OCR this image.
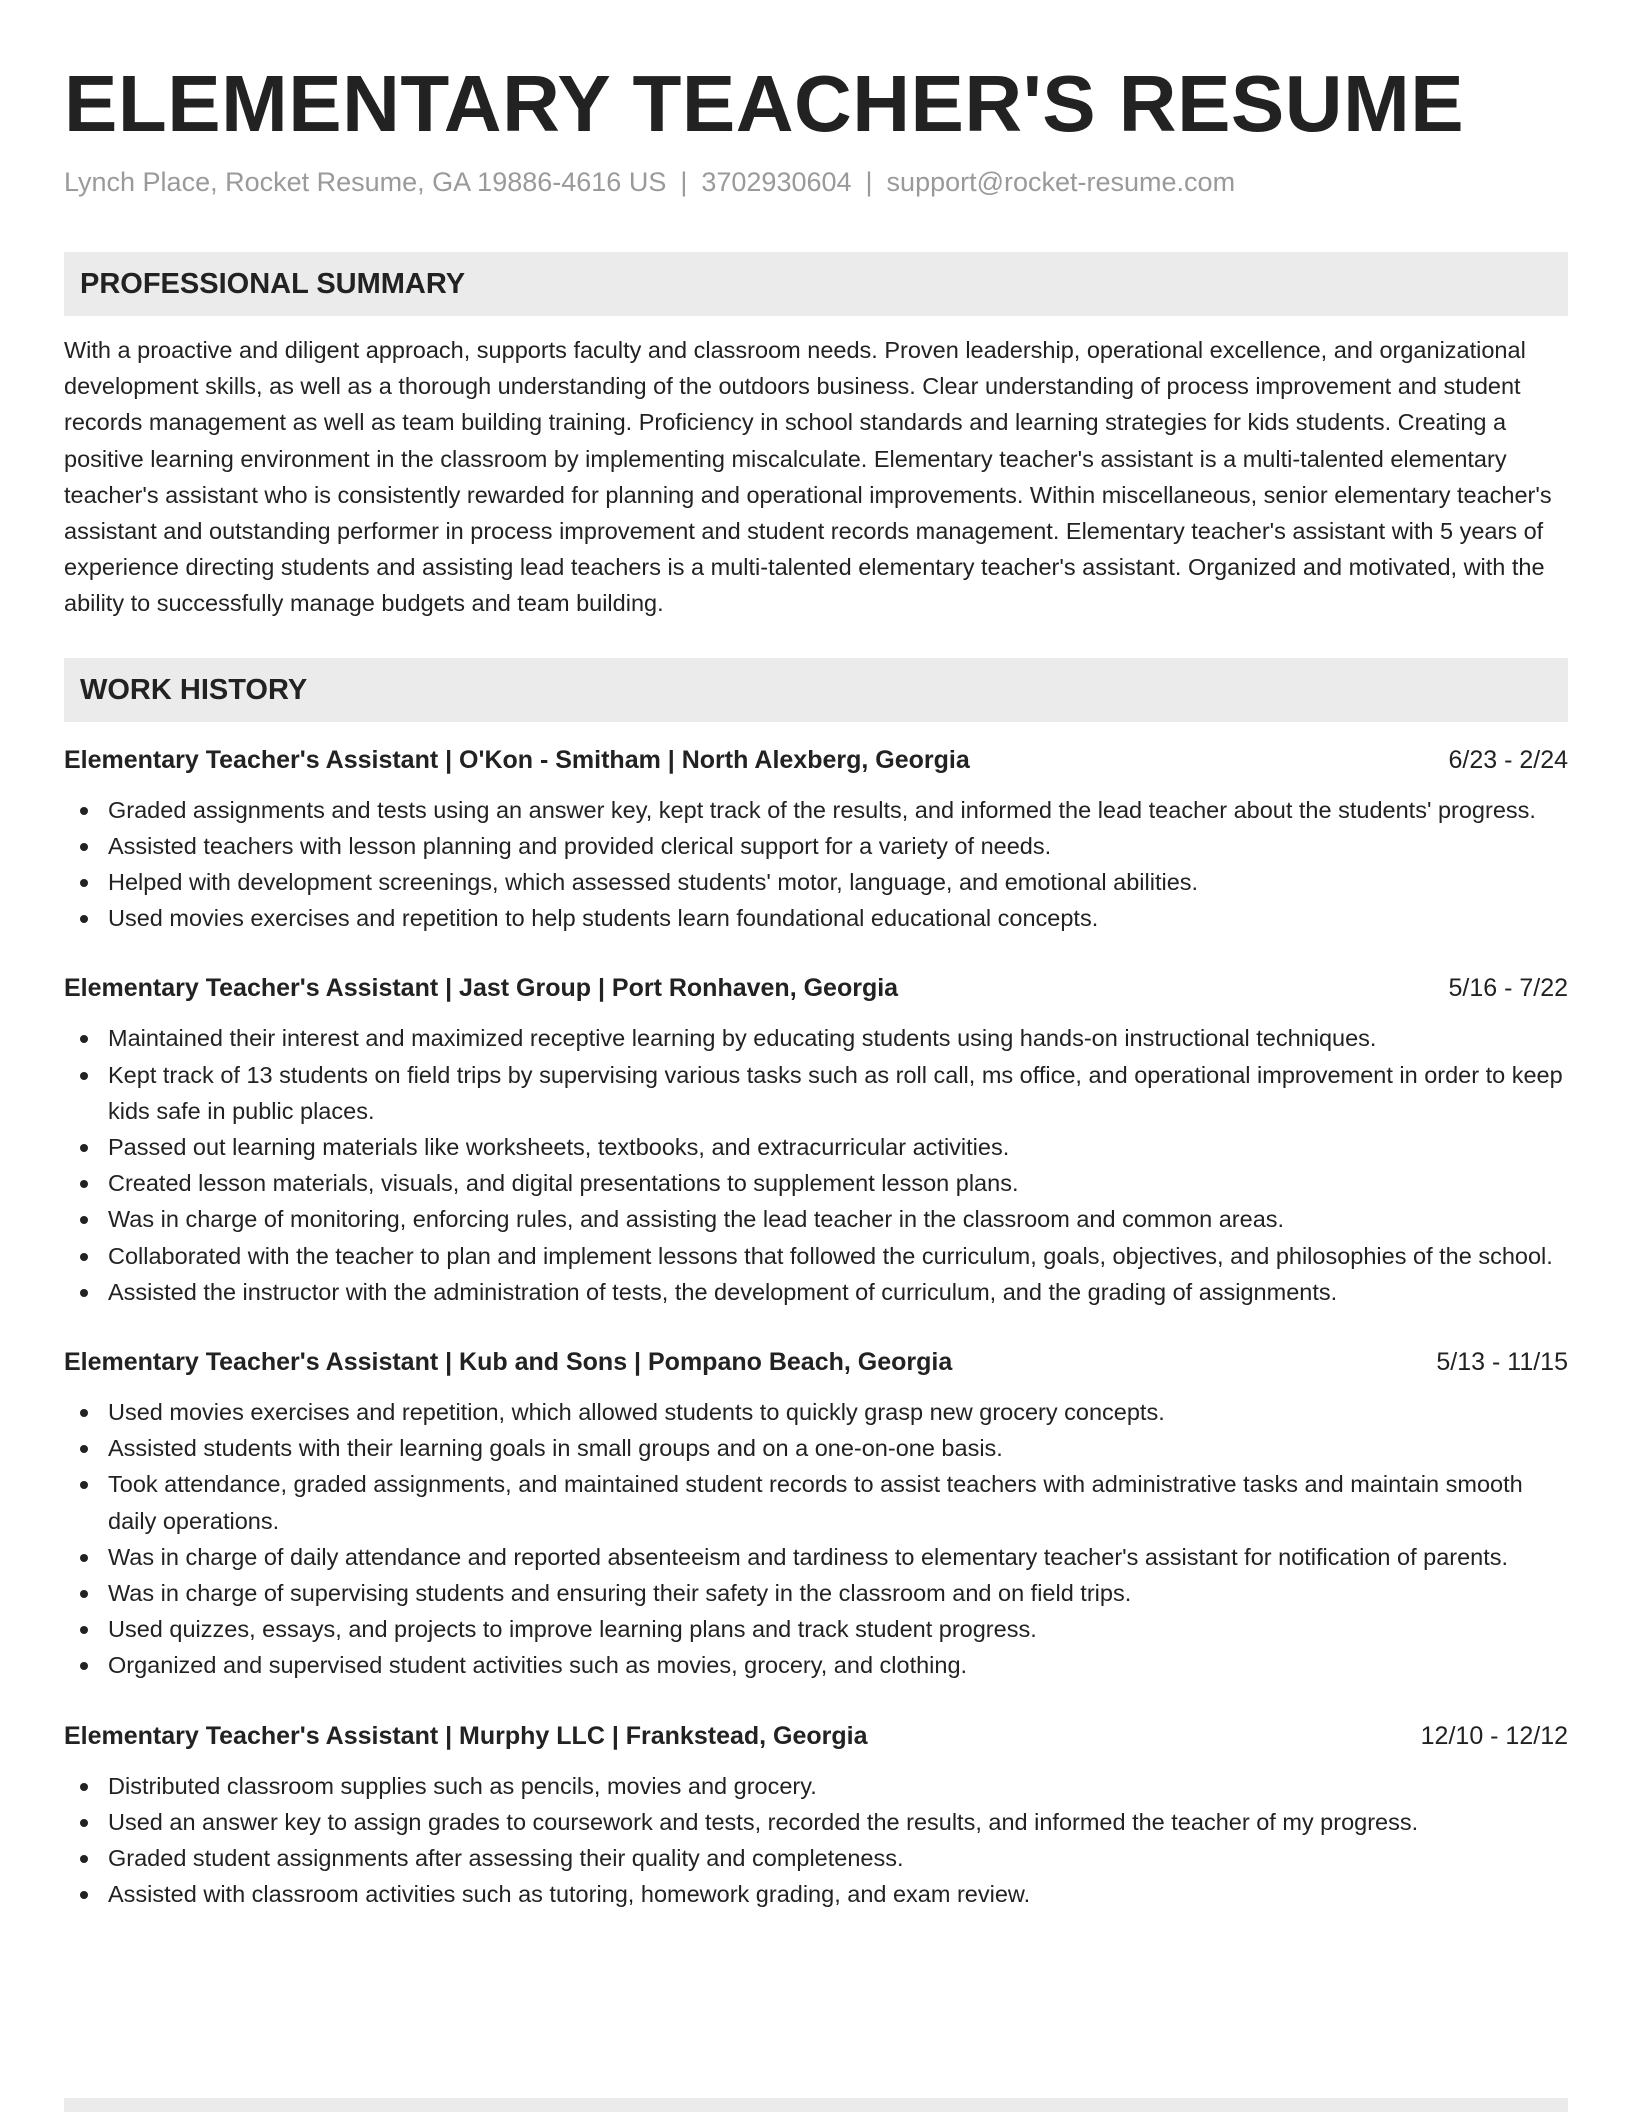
ELEMENTARY TEACHER'S RESUME
Lynch Place, Rocket Resume, GA 19886-4616 US | 3702930604 | support@rocket-resume.com
PROFESSIONAL SUMMARY
With a proactive and diligent approach, supports faculty and classroom needs. Proven leadership, operational excellence, and organizational development skills, as well as a thorough understanding of the outdoors business. Clear understanding of process improvement and student records management as well as team building training. Proficiency in school standards and learning strategies for kids students. Creating a positive learning environment in the classroom by implementing miscalculate. Elementary teacher's assistant is a multi-talented elementary teacher's assistant who is consistently rewarded for planning and operational improvements. Within miscellaneous, senior elementary teacher's assistant and outstanding performer in process improvement and student records management. Elementary teacher's assistant with 5 years of experience directing students and assisting lead teachers is a multi-talented elementary teacher's assistant. Organized and motivated, with the ability to successfully manage budgets and team building.
WORK HISTORY
Elementary Teacher's Assistant | O'Kon - Smitham | North Alexberg, Georgia	6/23 - 2/24
Graded assignments and tests using an answer key, kept track of the results, and informed the lead teacher about the students' progress.
Assisted teachers with lesson planning and provided clerical support for a variety of needs.
Helped with development screenings, which assessed students' motor, language, and emotional abilities.
Used movies exercises and repetition to help students learn foundational educational concepts.
Elementary Teacher's Assistant | Jast Group | Port Ronhaven, Georgia	5/16 - 7/22
Maintained their interest and maximized receptive learning by educating students using hands-on instructional techniques.
Kept track of 13 students on field trips by supervising various tasks such as roll call, ms office, and operational improvement in order to keep kids safe in public places.
Passed out learning materials like worksheets, textbooks, and extracurricular activities.
Created lesson materials, visuals, and digital presentations to supplement lesson plans.
Was in charge of monitoring, enforcing rules, and assisting the lead teacher in the classroom and common areas.
Collaborated with the teacher to plan and implement lessons that followed the curriculum, goals, objectives, and philosophies of the school.
Assisted the instructor with the administration of tests, the development of curriculum, and the grading of assignments.
Elementary Teacher's Assistant | Kub and Sons | Pompano Beach, Georgia	5/13 - 11/15
Used movies exercises and repetition, which allowed students to quickly grasp new grocery concepts.
Assisted students with their learning goals in small groups and on a one-on-one basis.
Took attendance, graded assignments, and maintained student records to assist teachers with administrative tasks and maintain smooth daily operations.
Was in charge of daily attendance and reported absenteeism and tardiness to elementary teacher's assistant for notification of parents.
Was in charge of supervising students and ensuring their safety in the classroom and on field trips.
Used quizzes, essays, and projects to improve learning plans and track student progress.
Organized and supervised student activities such as movies, grocery, and clothing.
Elementary Teacher's Assistant | Murphy LLC | Frankstead, Georgia	12/10 - 12/12
Distributed classroom supplies such as pencils, movies and grocery.
Used an answer key to assign grades to coursework and tests, recorded the results, and informed the teacher of my progress.
Graded student assignments after assessing their quality and completeness.
Assisted with classroom activities such as tutoring, homework grading, and exam review.
